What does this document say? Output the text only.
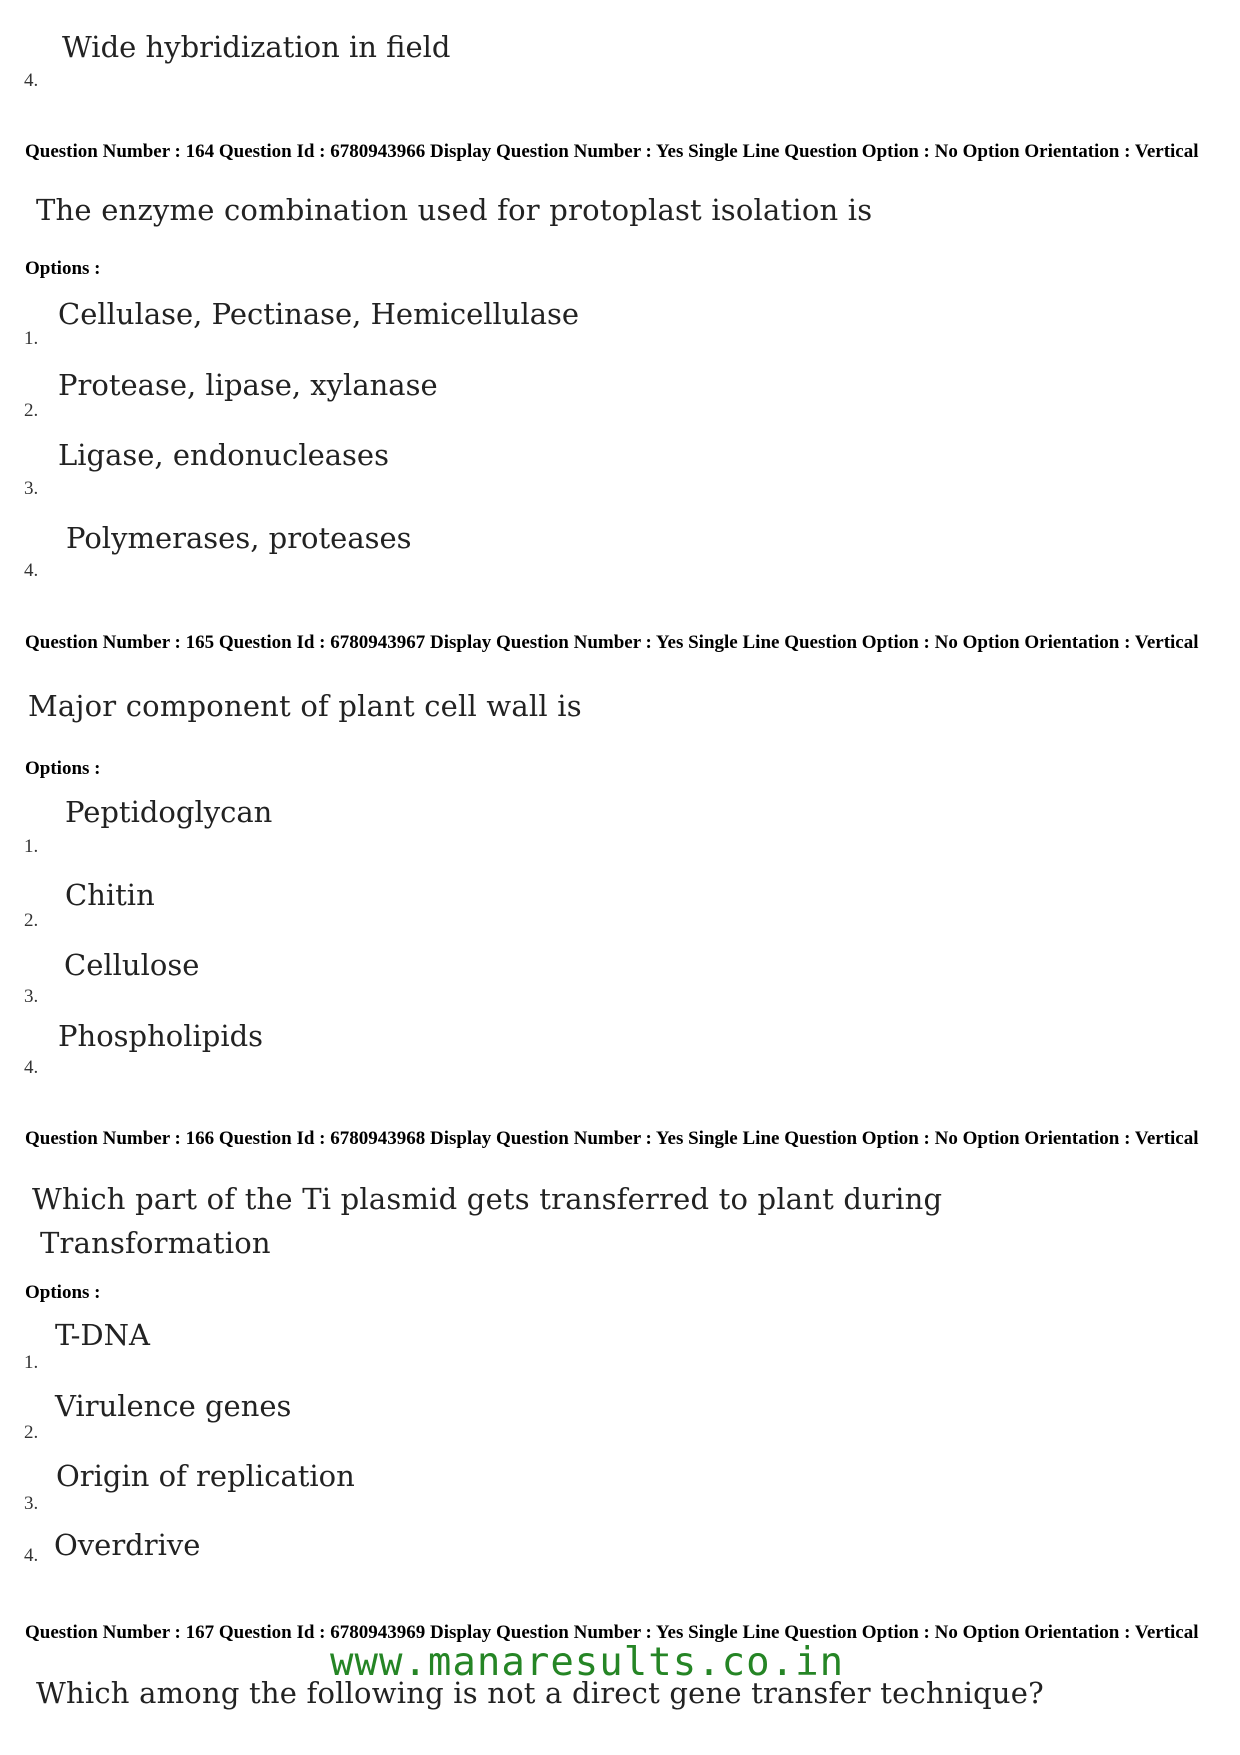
Wide hybridization in field
4.
Question Number : 164 Question Id : 6780943966 Display Question Number : Yes Single Line Question Option : No Option Orientation : Vertical
The enzyme combination used for protoplast isolation is
Options :
Cellulase, Pectinase, Hemicellulase
1.
Protease, lipase, xylanase
2.
Ligase, endonucleases
3.
Polymerases, proteases
4.
Question Number : 165 Question Id : 6780943967 Display Question Number : Yes Single Line Question Option : No Option Orientation : Vertical
Major component of plant cell wall is
Options :
Peptidoglycan
1.
Chitin
2.
Cellulose
3.
Phospholipids
4.
Question Number : 166 Question Id : 6780943968 Display Question Number : Yes Single Line Question Option : No Option Orientation : Vertical
Which part of the Ti plasmid gets transferred to plant during
Transformation
Options :
T-DNA
1.
Virulence genes
2.
Origin of replication
3.
Overdrive
4.
Question Number : 167 Question Id : 6780943969 Display Question Number : Yes Single Line Question Option : No Option Orientation : Vertical
Which among the following is not a direct gene transfer technique?
www.manaresults.co.in
